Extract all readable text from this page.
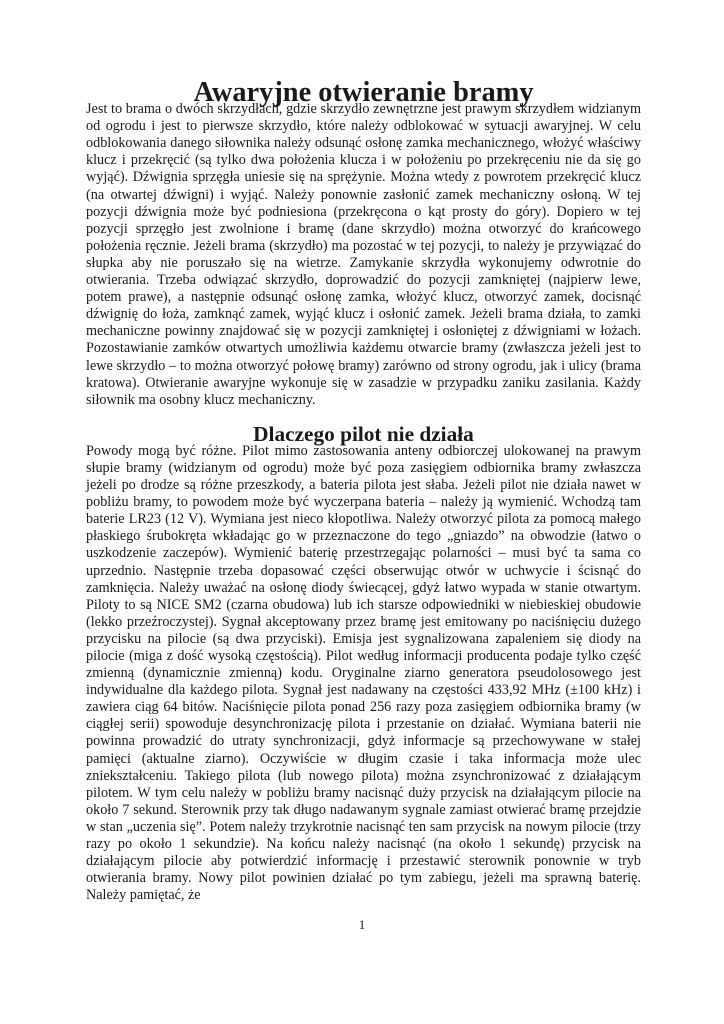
Awaryjne otwieranie bramy

Jest to brama o dwóch skrzydłach, gdzie skrzydło zewnętrzne jest prawym skrzydłem widzianym od ogrodu i jest to pierwsze skrzydło, które należy odblokować w sytuacji awaryjnej. W celu odblokowania danego siłownika należy odsunąć osłonę zamka mechanicznego, włożyć właściwy klucz i przekręcić (są tylko dwa położenia klucza i w położeniu po przekręceniu nie da się go wyjąć). Dźwignia sprzęgła uniesie się na sprężynie. Można wtedy z powrotem przekręcić klucz (na otwartej dźwigni) i wyjąć. Należy ponownie zasłonić zamek mechaniczny osłoną. W tej pozycji dźwignia może być podniesiona (przekręcona o kąt prosty do góry). Dopiero w tej pozycji sprzęgło jest zwolnione i bramę (dane skrzydło) można otworzyć do krańcowego położenia ręcznie. Jeżeli brama (skrzydło) ma pozostać w tej pozycji, to należy je przywiązać do słupka aby nie poruszało się na wietrze. Zamykanie skrzydła wykonujemy odwrotnie do otwierania. Trzeba odwiązać skrzydło, doprowadzić do pozycji zamkniętej (najpierw lewe, potem prawe), a następnie odsunąć osłonę zamka, włożyć klucz, otworzyć zamek, docisnąć dźwignię do łoża, zamknąć zamek, wyjąć klucz i osłonić zamek. Jeżeli brama działa, to zamki mechaniczne powinny znajdować się w pozycji zamkniętej i osłoniętej z dźwigniami w łożach. Pozostawianie zamków otwartych umożliwia każdemu otwarcie bramy (zwłaszcza jeżeli jest to lewe skrzydło – to można otworzyć połowę bramy) zarówno od strony ogrodu, jak i ulicy (brama kratowa). Otwieranie awaryjne wykonuje się w zasadzie w przypadku zaniku zasilania. Każdy siłownik ma osobny klucz mechaniczny.

Dlaczego pilot nie działa

Powody mogą być różne. Pilot mimo zastosowania anteny odbiorczej ulokowanej na prawym słupie bramy (widzianym od ogrodu) może być poza zasięgiem odbiornika bramy zwłaszcza jeżeli po drodze są różne przeszkody, a bateria pilota jest słaba. Jeżeli pilot nie działa nawet w pobliżu bramy, to powodem może być wyczerpana bateria – należy ją wymienić. Wchodzą tam baterie LR23 (12 V). Wymiana jest nieco kłopotliwa. Należy otworzyć pilota za pomocą małego płaskiego śrubokręta wkładając go w przeznaczone do tego „gniazdo” na obwodzie (łatwo o uszkodzenie zaczepów). Wymienić baterię przestrzegając polarności – musi być ta sama co uprzednio. Następnie trzeba dopasować części obserwując otwór w uchwycie i ścisnąć do zamknięcia. Należy uważać na osłonę diody świecącej, gdyż łatwo wypada w stanie otwartym. Piloty to są NICE SM2 (czarna obudowa) lub ich starsze odpowiedniki w niebieskiej obudowie (lekko przeźroczystej). Sygnał akceptowany przez bramę jest emitowany po naciśnięciu dużego przycisku na pilocie (są dwa przyciski). Emisja jest sygnalizowana zapaleniem się diody na pilocie (miga z dość wysoką częstością). Pilot według informacji producenta podaje tylko część zmienną (dynamicznie zmienną) kodu. Oryginalne ziarno generatora pseudolosowego jest indywidualne dla każdego pilota. Sygnał jest nadawany na częstości 433,92 MHz (±100 kHz) i zawiera ciąg 64 bitów. Naciśnięcie pilota ponad 256 razy poza zasięgiem odbiornika bramy (w ciągłej serii) spowoduje desynchronizację pilota i przestanie on działać. Wymiana baterii nie powinna prowadzić do utraty synchronizacji, gdyż informacje są przechowywane w stałej pamięci (aktualne ziarno). Oczywiście w długim czasie i taka informacja może ulec zniekształceniu. Takiego pilota (lub nowego pilota) można zsynchronizować z działającym pilotem. W tym celu należy w pobliżu bramy nacisnąć duży przycisk na działającym pilocie na około 7 sekund. Sterownik przy tak długo nadawanym sygnale zamiast otwierać bramę przejdzie w stan „uczenia się”. Potem należy trzykrotnie nacisnąć ten sam przycisk na nowym pilocie (trzy razy po około 1 sekundzie). Na końcu należy nacisnąć (na około 1 sekundę) przycisk na działającym pilocie aby potwierdzić informację i przestawić sterownik ponownie w tryb otwierania bramy. Nowy pilot powinien działać po tym zabiegu, jeżeli ma sprawną baterię. Należy pamiętać, że

1
